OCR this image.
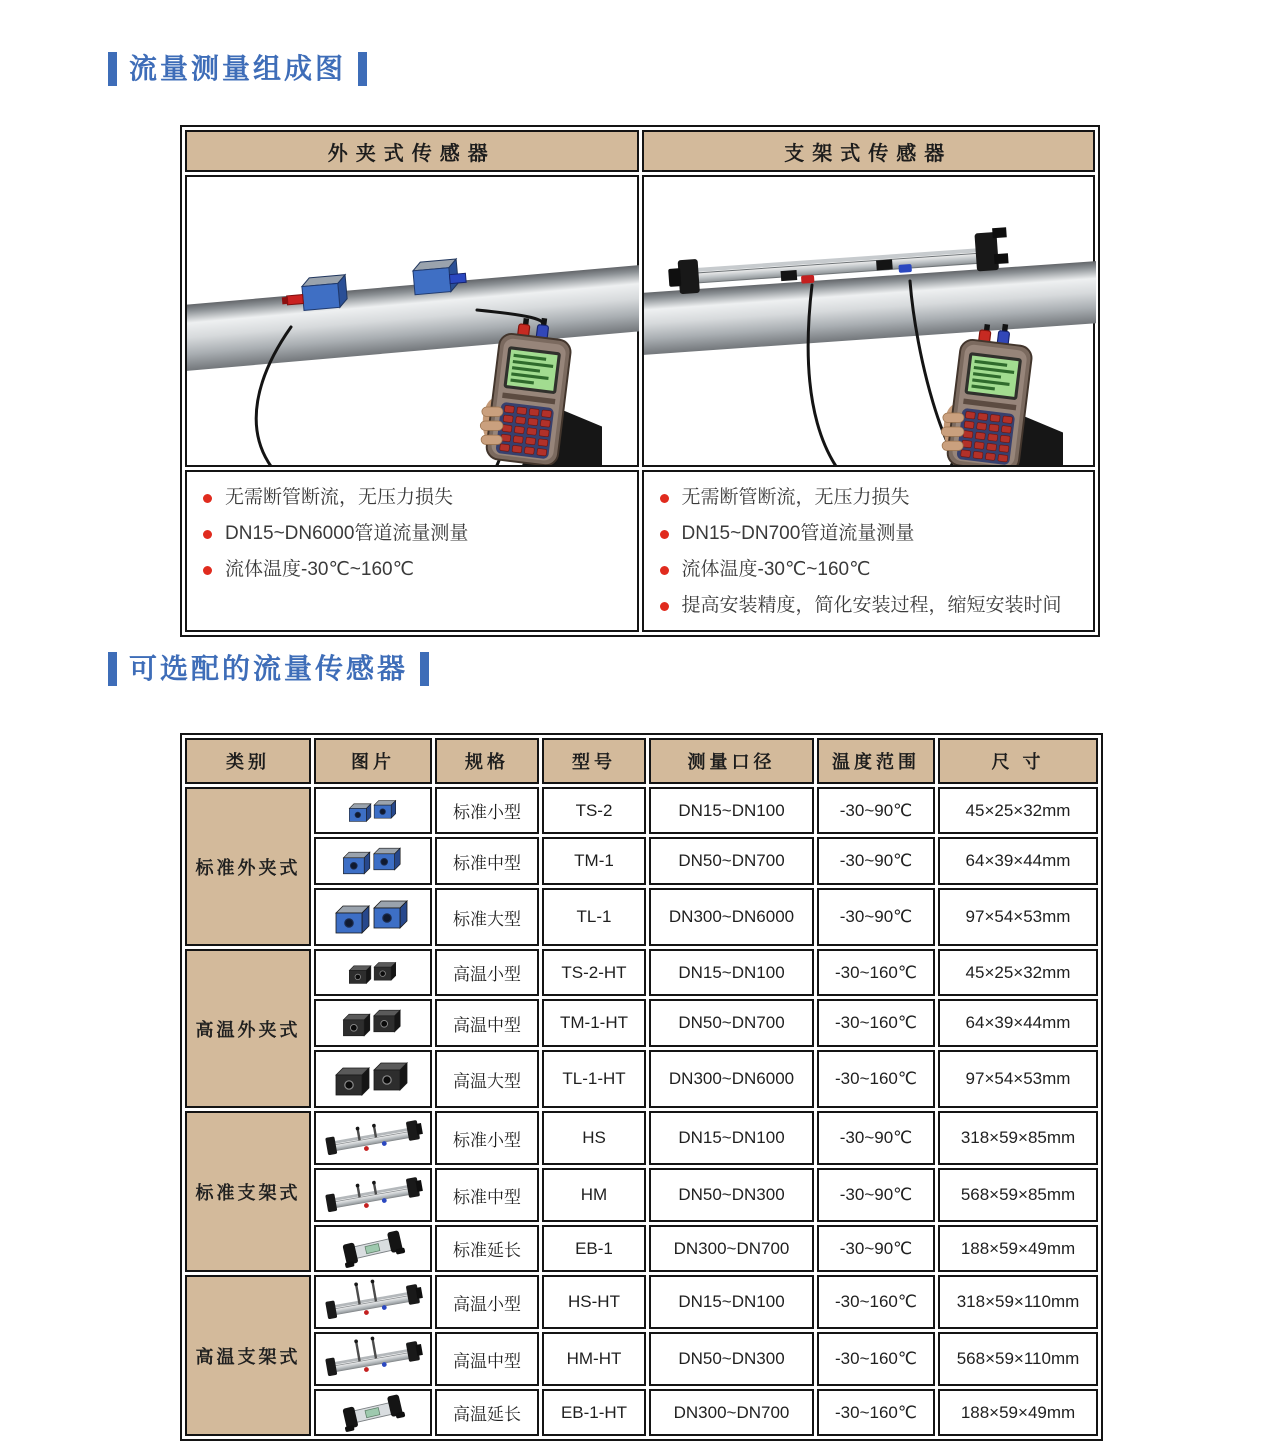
流量测量组成图
外夹式传感器	支架式传感器

无需断管断流，无压力损失
DN15~DN6000管道流量测量
流体温度-30℃~160℃

无需断管断流，无压力损失
DN15~DN700管道流量测量
流体温度-30℃~160℃
提高安装精度，简化安装过程，缩短安装时间
可选配的流量传感器
类别	图片	规格	型号	测量口径	温度范围	尺 寸
标准外夹式		标准小型	TS-2	DN15~DN100	-30~90℃	45×25×32mm

	标准中型	TM-1	DN50~DN700	-30~90℃	64×39×44mm

	标准大型	TL-1	DN300~DN6000	-30~90℃	97×54×53mm
高温外夹式		高温小型	TS-2-HT	DN15~DN100	-30~160℃	45×25×32mm

	高温中型	TM-1-HT	DN50~DN700	-30~160℃	64×39×44mm

	高温大型	TL-1-HT	DN300~DN6000	-30~160℃	97×54×53mm
标准支架式		标准小型	HS	DN15~DN100	-30~90℃	318×59×85mm

	标准中型	HM	DN50~DN300	-30~90℃	568×59×85mm

	标准延长	EB-1	DN300~DN700	-30~90℃	188×59×49mm
高温支架式		高温小型	HS-HT	DN15~DN100	-30~160℃	318×59×110mm

	高温中型	HM-HT	DN50~DN300	-30~160℃	568×59×110mm

	高温延长	EB-1-HT	DN300~DN700	-30~160℃	188×59×49mm
